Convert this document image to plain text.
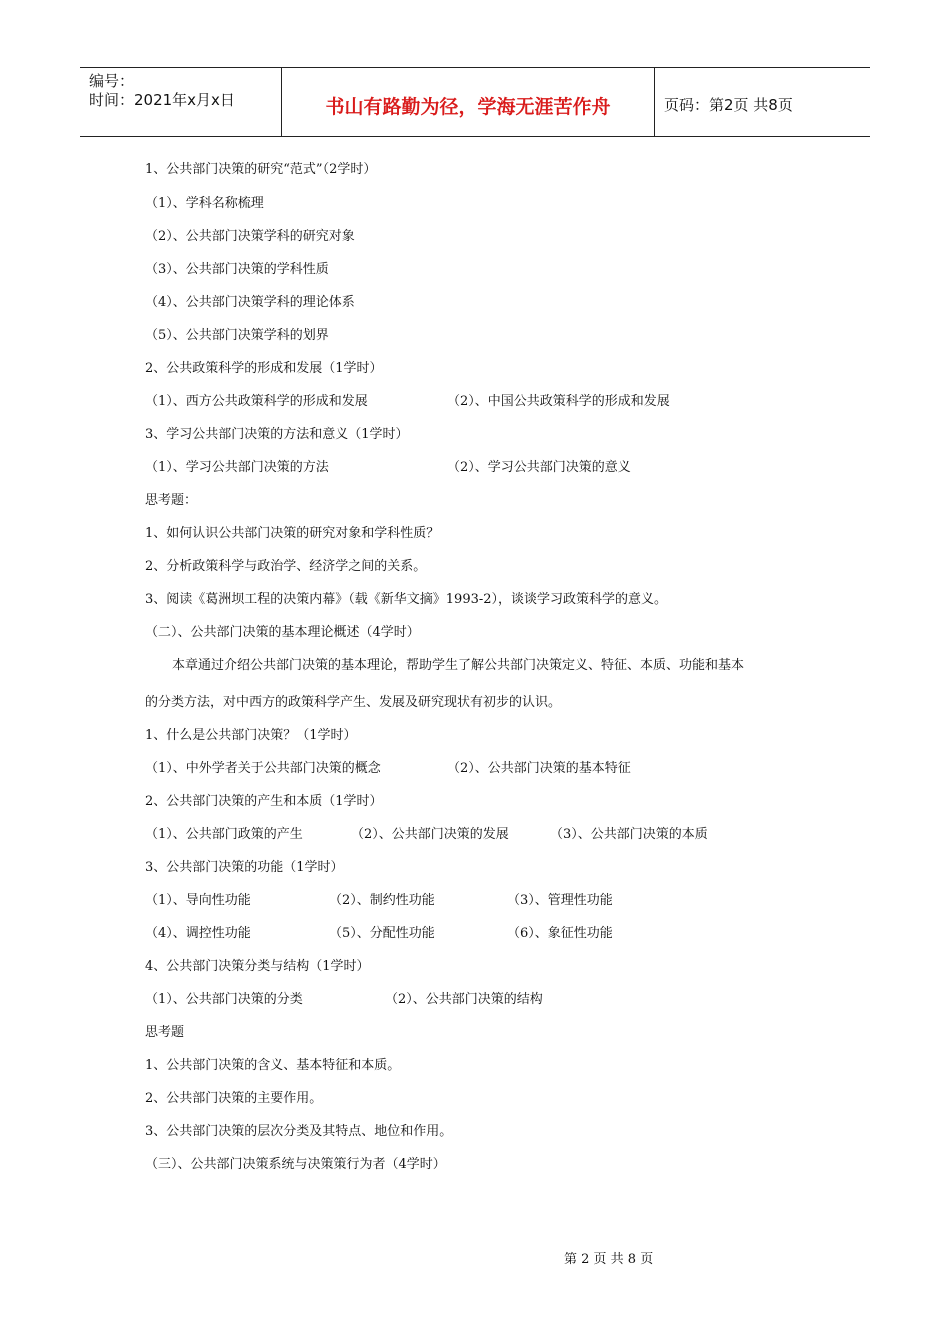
编号：
时间：2021年x月x日	书山有路勤为径，学海无涯苦作舟	页码：第2页 共8页
1、公共部门决策的研究“范式”（2学时）
（1）、学科名称梳理
（2）、公共部门决策学科的研究对象
（3）、公共部门决策的学科性质
（4）、公共部门决策学科的理论体系
（5）、公共部门决策学科的划界
2、公共政策科学的形成和发展（1学时）
（1）、西方公共政策科学的形成和发展	（2）、中国公共政策科学的形成和发展
3、学习公共部门决策的方法和意义（1学时）
（1）、学习公共部门决策的方法	（2）、学习公共部门决策的意义
思考题：
1、如何认识公共部门决策的研究对象和学科性质？
2、分析政策科学与政治学、经济学之间的关系。
3、阅读《葛洲坝工程的决策内幕》（载《新华文摘》1993-2），谈谈学习政策科学的意义。
（二）、公共部门决策的基本理论概述（4学时）
本章通过介绍公共部门决策的基本理论，帮助学生了解公共部门决策定义、特征、本质、功能和基本
的分类方法，对中西方的政策科学产生、发展及研究现状有初步的认识。
1、什么是公共部门决策？（1学时）
（1）、中外学者关于公共部门决策的概念	（2）、公共部门决策的基本特征
2、公共部门决策的产生和本质（1学时）
（1）、公共部门政策的产生	（2）、公共部门决策的发展	（3）、公共部门决策的本质
3、公共部门决策的功能（1学时）
（1）、导向性功能	（2）、制约性功能	（3）、管理性功能
（4）、调控性功能	（5）、分配性功能	（6）、象征性功能
4、公共部门决策分类与结构（1学时）
（1）、公共部门决策的分类	（2）、公共部门决策的结构
思考题
1、公共部门决策的含义、基本特征和本质。
2、公共部门决策的主要作用。
3、公共部门决策的层次分类及其特点、地位和作用。
（三）、公共部门决策系统与决策策行为者（4学时）
第 2 页 共 8 页
